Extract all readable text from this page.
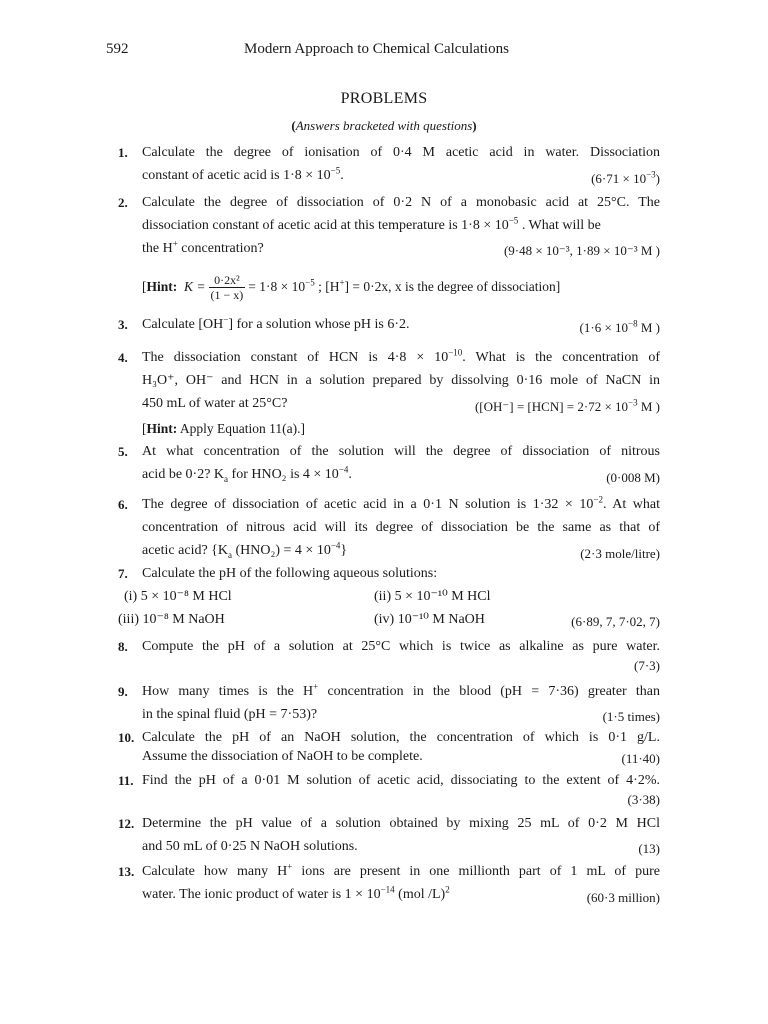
592	Modern Approach to Chemical Calculations
PROBLEMS
(Answers bracketed with questions)
1.	Calculate the degree of ionisation of 0·4 M acetic acid in water. Dissociation
constant of acetic acid is $1\cdot 8 \times 10^{-5}$.	$(6\cdot 71 \times 10^{-3})$
2.	Calculate the degree of dissociation of 0·2 N of a monobasic acid at 25°C. The
dissociation constant of acetic acid at this temperature is $1\cdot 8 \times 10^{-5}$ . What will be
the H+ concentration?	(9·48 × 10⁻³, 1·89 × 10⁻³ M )
[Hint: $K = \frac{\text{0·2x²}}{(1 - x)} = 1\cdot 8 \times 10^{-5}$ ; [H+] = 0·2x, x is the degree of dissociation]
3.	Calculate [OH−] for a solution whose pH is 6·2.	($1\cdot 6 \times 10^{-8}$ M )
4.	The dissociation constant of HCN is $4\cdot 8 \times 10^{-10}$. What is the concentration of
H₃O⁺, OH⁻ and HCN in a solution prepared by dissolving 0·16 mole of NaCN in
450 mL of water at 25°C?	($[OH^-] = [HCN] = 2\cdot 72 \times 10^{-3}$ M )
[Hint: Apply Equation 11(a).]
5.	At what concentration of the solution will the degree of dissociation of nitrous
acid be 0·2? $K_a$ for HNO₂ is $4 \times 10^{-4}$.	(0·008 M)
6.	The degree of dissociation of acetic acid in a 0·1 N solution is $1\cdot 32 \times 10^{-2}$. At what
concentration of nitrous acid will its degree of dissociation be the same as that of
acetic acid? {$K_a$ $(HNO_2) = 4 \times 10^{-4}$}	(2·3 mole/litre)
7.	Calculate the pH of the following aqueous solutions:
(i) 5 × 10⁻⁸ M HCl	(ii) 5 × 10⁻¹⁰ M HCl
(iii) 10⁻⁸ M NaOH	(iv) 10⁻¹⁰ M NaOH	(6·89, 7, 7·02, 7)
8.	Compute the pH of a solution at 25°C which is twice as alkaline as pure water.
(7·3)
9.	How many times is the H+ concentration in the blood (pH = 7·36) greater than
in the spinal fluid (pH = 7·53)?	(1·5 times)
10. Calculate the pH of an NaOH solution, the concentration of which is 0·1 g/L.
Assume the dissociation of NaOH to be complete.	(11·40)
11. Find the pH of a 0·01 M solution of acetic acid, dissociating to the extent of 4·2%.
(3·38)
12. Determine the pH value of a solution obtained by mixing 25 mL of 0·2 M HCl
and 50 mL of 0·25 N NaOH solutions.	(13)
13. Calculate how many H+ ions are present in one millionth part of 1 mL of pure
water. The ionic product of water is $1 \times 10^{-14}$ (mol /L)$^2$
(60·3 million)
